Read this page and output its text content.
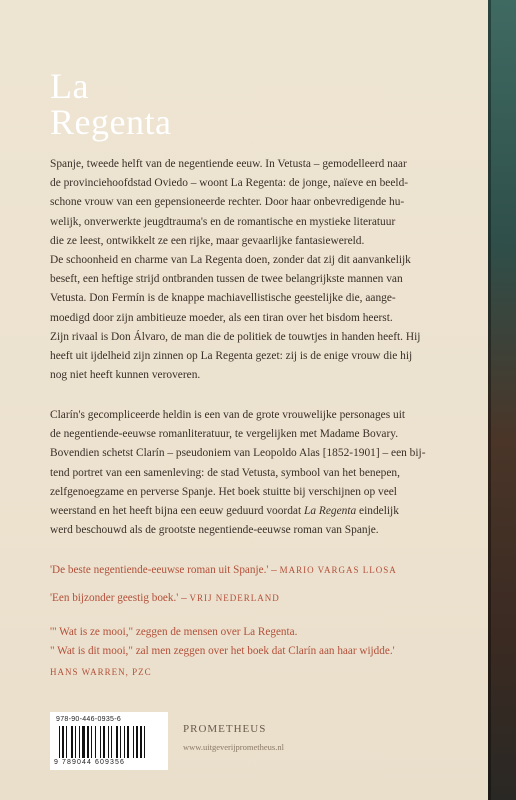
La
Regenta
Spanje, tweede helft van de negentiende eeuw. In Vetusta – gemodelleerd naar
de provinciehoofdstad Oviedo – woont La Regenta: de jonge, naïeve en beeld-
schone vrouw van een gepensioneerde rechter. Door haar onbevredigende hu-
welijk, onverwerkte jeugdtrauma's en de romantische en mystieke literatuur
die ze leest, ontwikkelt ze een rijke, maar gevaarlijke fantasiewereld.
De schoonheid en charme van La Regenta doen, zonder dat zij dit aanvankelijk
beseft, een heftige strijd ontbranden tussen de twee belangrijkste mannen van
Vetusta. Don Fermín is de knappe machiavellistische geestelijke die, aange-
moedigd door zijn ambitieuze moeder, als een tiran over het bisdom heerst.
Zijn rivaal is Don Álvaro, de man die de politiek de touwtjes in handen heeft. Hij
heeft uit ijdelheid zijn zinnen op La Regenta gezet: zij is de enige vrouw die hij
nog niet heeft kunnen veroveren.
Clarín's gecompliceerde heldin is een van de grote vrouwelijke personages uit
de negentiende-eeuwse romanliteratuur, te vergelijken met Madame Bovary.
Bovendien schetst Clarín – pseudoniem van Leopoldo Alas [1852-1901] – een bij-
tend portret van een samenleving: de stad Vetusta, symbool van het benepen,
zelfgenoegzame en perverse Spanje. Het boek stuitte bij verschijnen op veel
weerstand en het heeft bijna een eeuw geduurd voordat La Regenta eindelijk
werd beschouwd als de grootste negentiende-eeuwse roman van Spanje.
'De beste negentiende-eeuwse roman uit Spanje.' – MARIO VARGAS LLOSA
'Een bijzonder geestig boek.' – VRIJ NEDERLAND
'" Wat is ze mooi," zeggen de mensen over La Regenta.
" Wat is dit mooi," zal men zeggen over het boek dat Clarín aan haar wijdde.'
HANS WARREN, PZC
978-90-446-0935-6
9 789044 609356
PROMETHEUS
www.uitgeverijprometheus.nl
